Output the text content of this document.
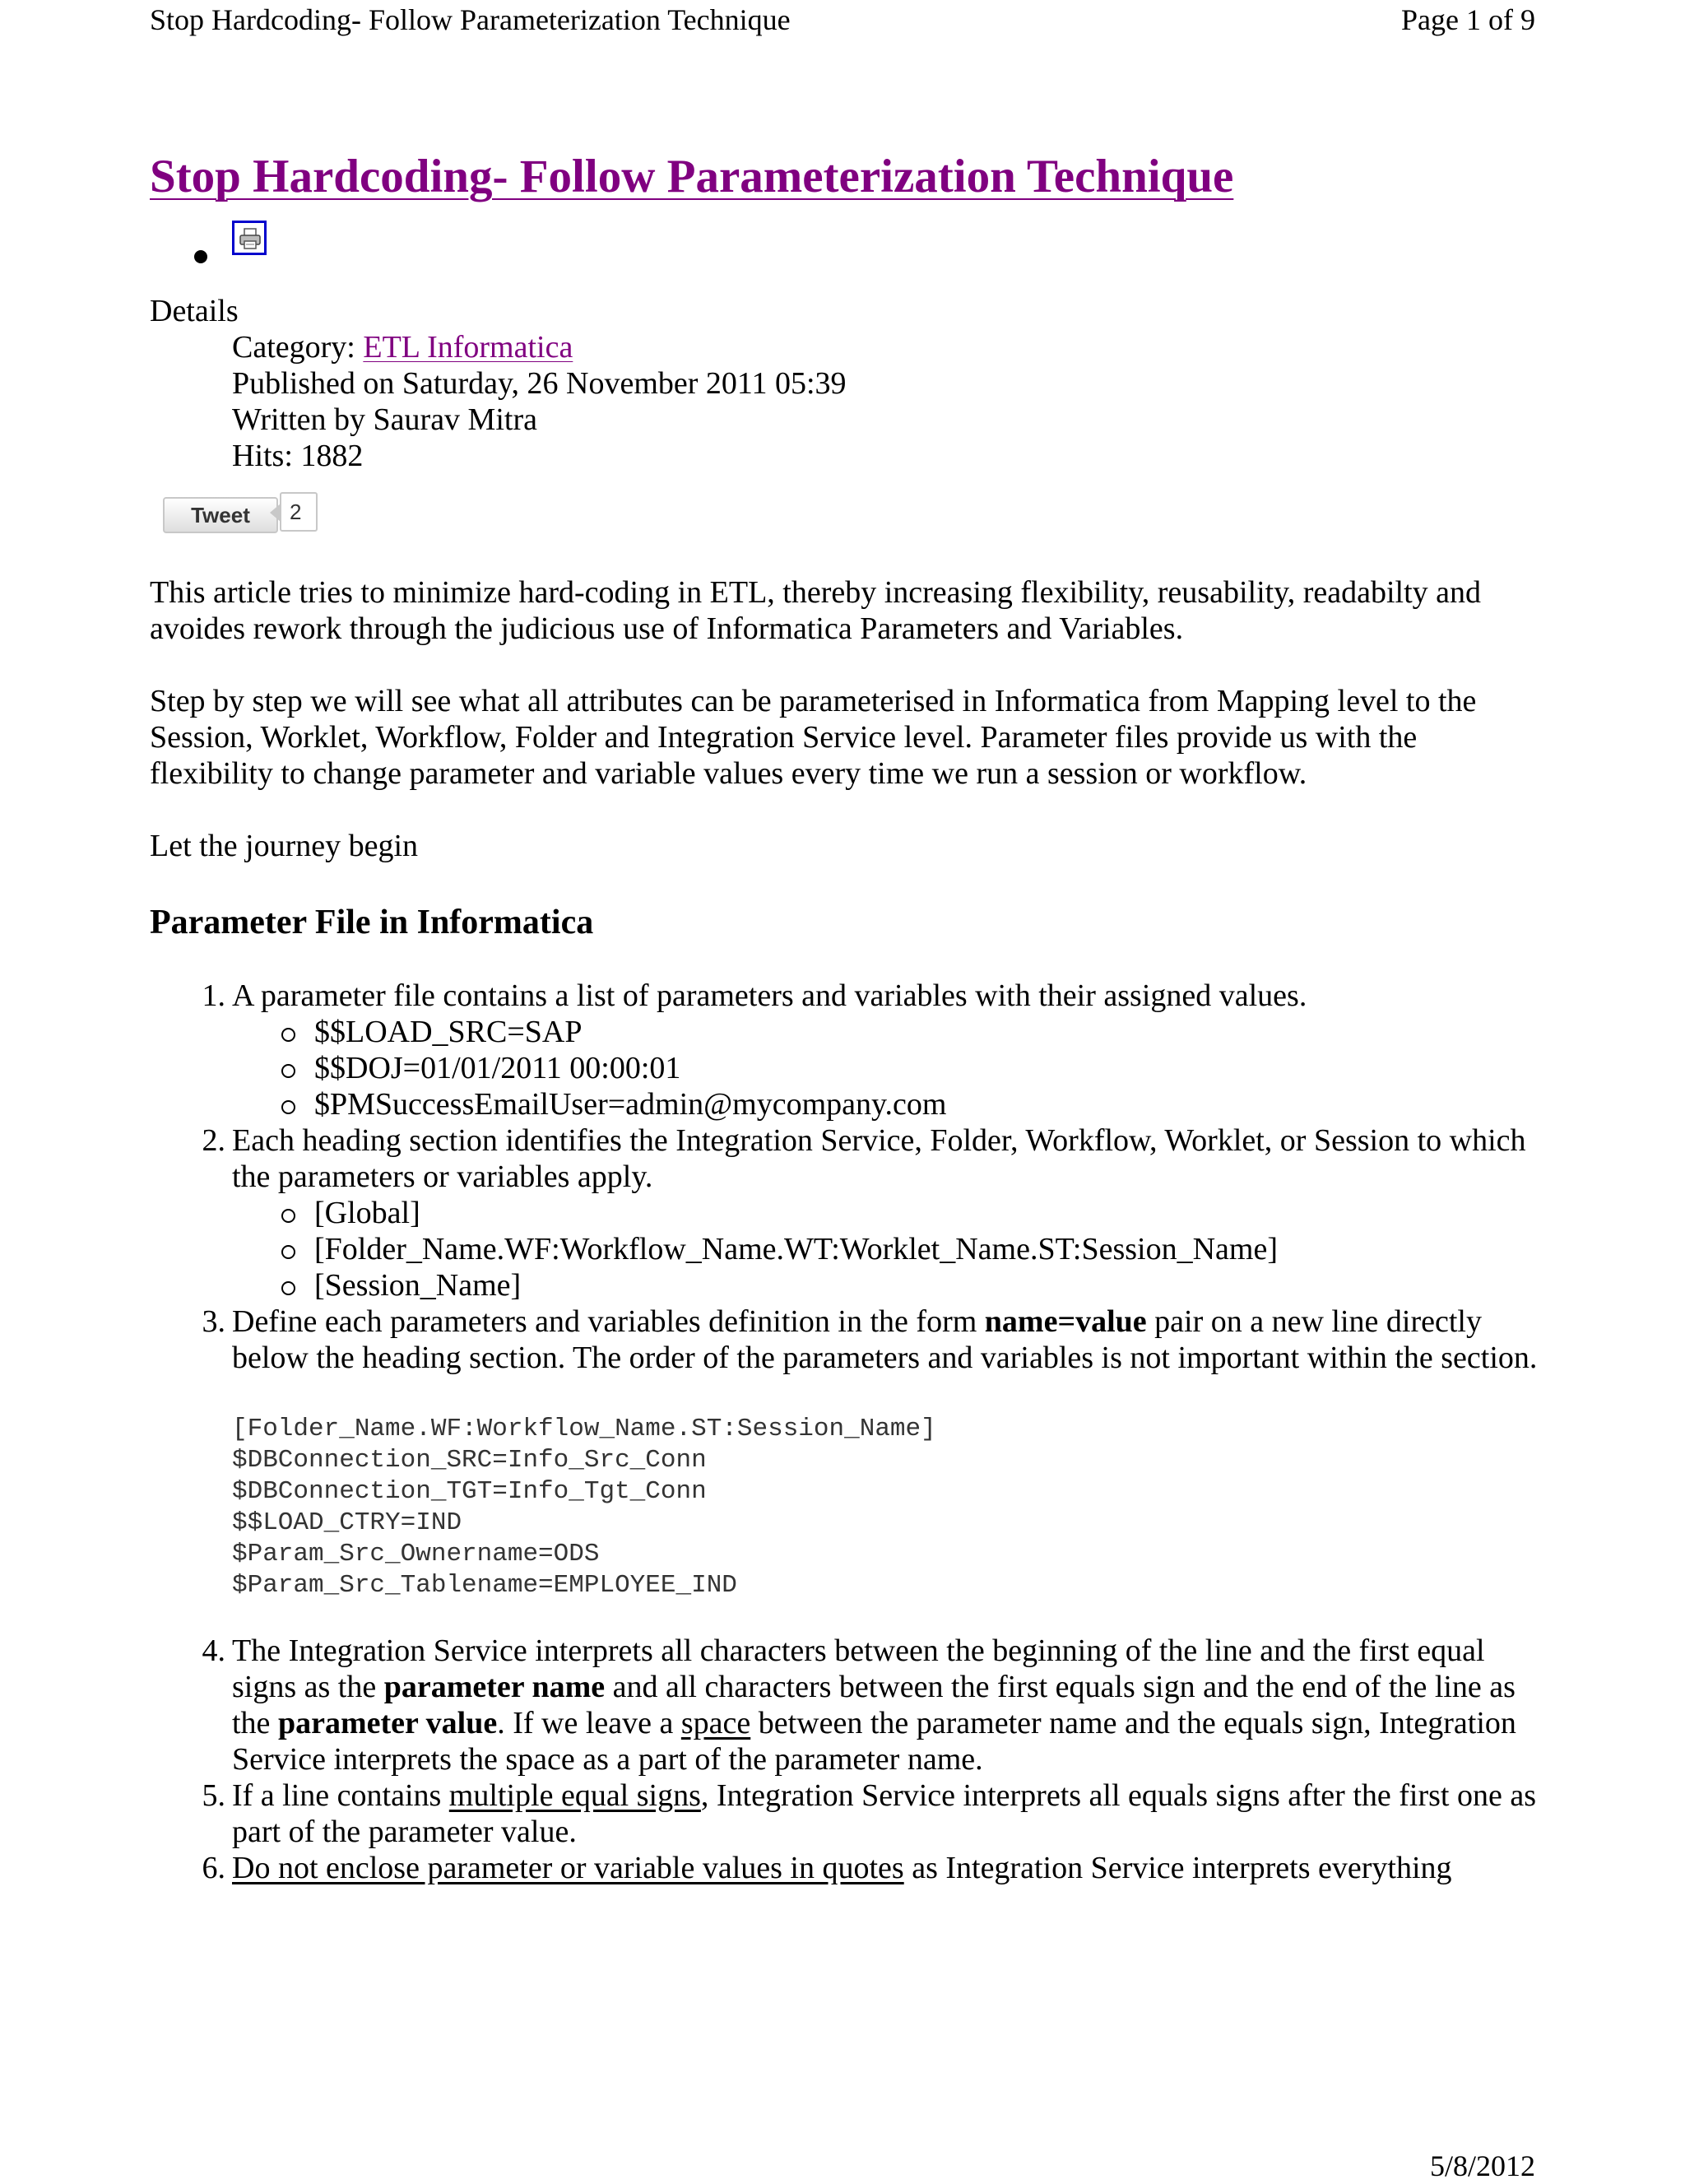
Stop Hardcoding- Follow Parameterization Technique	Page 1 of 9
Stop Hardcoding- Follow Parameterization Technique

Details

Category: ETL Informatica

Published on Saturday, 26 November 2011 05:39

Written by Saurav Mitra

Hits: 1882

Tweet	2

This article tries to minimize hard-coding in ETL, thereby increasing flexibility, reusability, readabilty and avoides rework through the judicious use of Informatica Parameters and Variables.

Step by step we will see what all attributes can be parameterised in Informatica from Mapping level to the Session, Worklet, Workflow, Folder and Integration Service level. Parameter files provide us with the flexibility to change parameter and variable values every time we run a session or workflow.

Let the journey begin

Parameter File in Informatica
1. A parameter file contains a list of parameters and variables with their assigned values.
$$LOAD_SRC=SAP
$$DOJ=01/01/2011 00:00:01
$PMSuccessEmailUser=admin@mycompany.com
2. Each heading section identifies the Integration Service, Folder, Workflow, Worklet, or Session to which the parameters or variables apply.
[Global]
[Folder_Name.WF:Workflow_Name.WT:Worklet_Name.ST:Session_Name]
[Session_Name]
3. Define each parameters and variables definition in the form name=value pair on a new line directly below the heading section. The order of the parameters and variables is not important within the section.
[Folder_Name.WF:Workflow_Name.ST:Session_Name]
$DBConnection_SRC=Info_Src_Conn
$DBConnection_TGT=Info_Tgt_Conn
$$LOAD_CTRY=IND
$Param_Src_Ownername=ODS
$Param_Src_Tablename=EMPLOYEE_IND
4. The Integration Service interprets all characters between the beginning of the line and the first equal signs as the parameter name and all characters between the first equals sign and the end of the line as the parameter value. If we leave a space between the parameter name and the equals sign, Integration Service interprets the space as a part of the parameter name.
5. If a line contains multiple equal signs, Integration Service interprets all equals signs after the first one as part of the parameter value.
6. Do not enclose parameter or variable values in quotes as Integration Service interprets everything
5/8/2012
